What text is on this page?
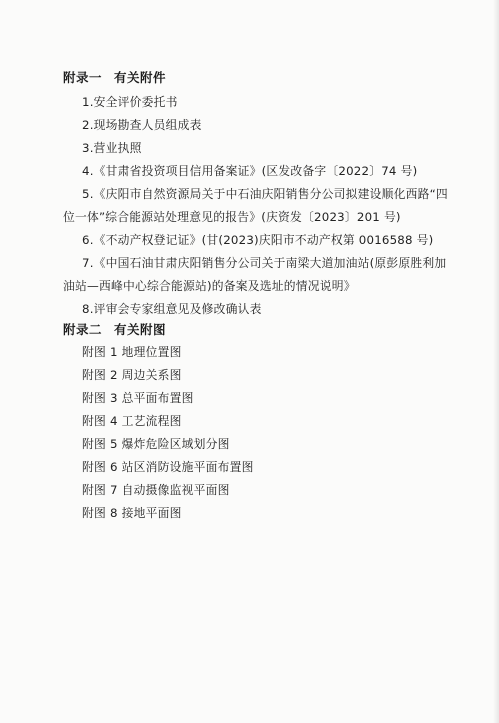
附录一 有关附件
1.安全评价委托书
2.现场勘查人员组成表
3.营业执照
4.《甘肃省投资项目信用备案证》(区发改备字〔2022〕74 号)
5.《庆阳市自然资源局关于中石油庆阳销售分公司拟建设顺化西路“四
位一体”综合能源站处理意见的报告》(庆资发〔2023〕201 号)
6.《不动产权登记证》(甘(2023)庆阳市不动产权第 0016588 号)
7.《中国石油甘肃庆阳销售分公司关于南梁大道加油站(原彭原胜利加
油站—西峰中心综合能源站)的备案及选址的情况说明》
8.评审会专家组意见及修改确认表
附录二 有关附图
附图 1 地理位置图
附图 2 周边关系图
附图 3 总平面布置图
附图 4 工艺流程图
附图 5 爆炸危险区域划分图
附图 6 站区消防设施平面布置图
附图 7 自动摄像监视平面图
附图 8 接地平面图
